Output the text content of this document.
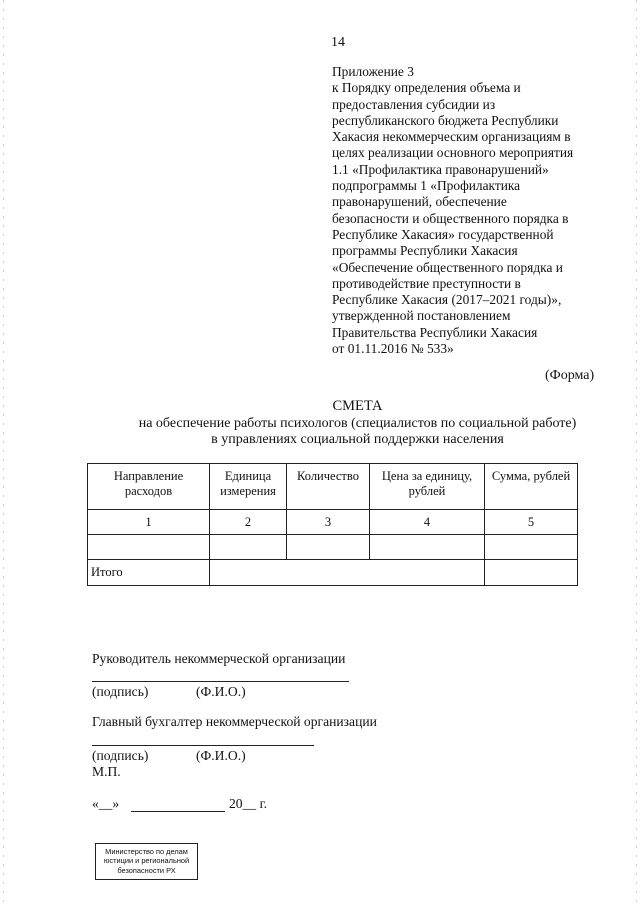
14
Приложение 3
к Порядку определения объема и
предоставления субсидии из
республиканского бюджета Республики
Хакасия некоммерческим организациям в
целях реализации основного мероприятия
1.1 «Профилактика правонарушений»
подпрограммы 1 «Профилактика
правонарушений, обеспечение
безопасности и общественного порядка в
Республике Хакасия» государственной
программы Республики Хакасия
«Обеспечение общественного порядка и
противодействие преступности в
Республике Хакасия (2017–2021 годы)»,
утвержденной постановлением
Правительства Республики Хакасия
от 01.11.2016 № 533»
(Форма)
СМЕТА
на обеспечение работы психологов (специалистов по социальной работе)
в управлениях социальной поддержки населения
Направление расходов	Единица измерения	Количество	Цена за единицу, рублей	Сумма, рублей
1	2	3	4	5

Итого				
Руководитель некоммерческой организации
(подпись)	(Ф.И.О.)
Главный бухгалтер некоммерческой организации
(подпись)	(Ф.И.О.)
М.П.
«__»	20__ г.
Министерство по делам
юстиции и региональной
безопасности РХ
